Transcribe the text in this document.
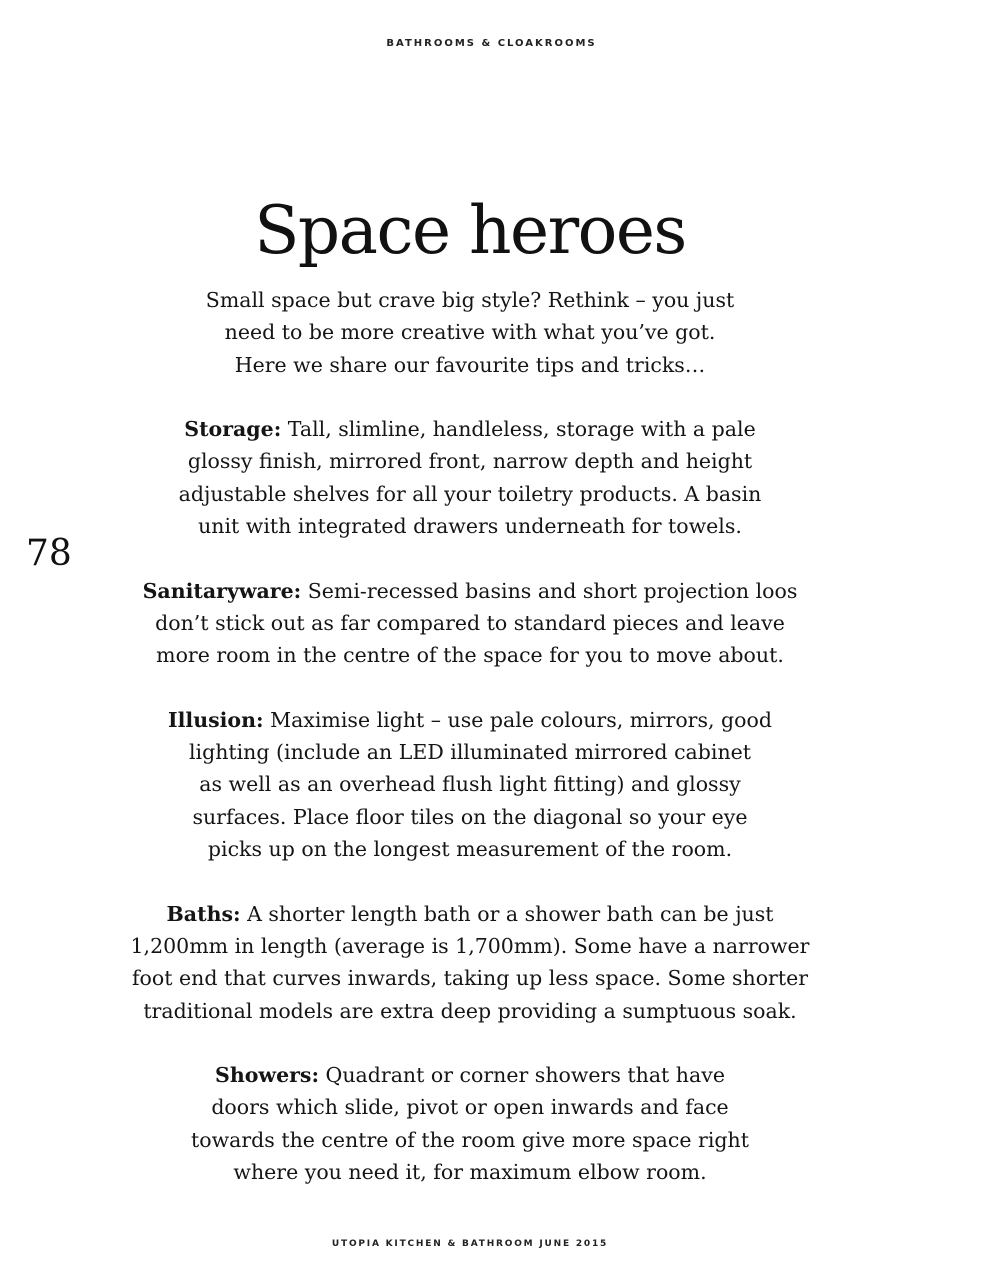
BATHROOMS & CLOAKROOMS
Space heroes
78

Small space but crave big style? Rethink – you just
need to be more creative with what you’ve got.
Here we share our favourite tips and tricks…

Storage: Tall, slimline, handleless, storage with a pale
glossy finish, mirrored front, narrow depth and height
adjustable shelves for all your toiletry products. A basin
unit with integrated drawers underneath for towels.

Sanitaryware: Semi-recessed basins and short projection loos
don’t stick out as far compared to standard pieces and leave
more room in the centre of the space for you to move about.

Illusion: Maximise light – use pale colours, mirrors, good
lighting (include an LED illuminated mirrored cabinet
as well as an overhead flush light fitting) and glossy
surfaces. Place floor tiles on the diagonal so your eye
picks up on the longest measurement of the room.

Baths: A shorter length bath or a shower bath can be just
1,200mm in length (average is 1,700mm). Some have a narrower
foot end that curves inwards, taking up less space. Some shorter
traditional models are extra deep providing a sumptuous soak.

Showers: Quadrant or corner showers that have
doors which slide, pivot or open inwards and face
towards the centre of the room give more space right
where you need it, for maximum elbow room.

UTOPIA KITCHEN & BATHROOM JUNE 2015
